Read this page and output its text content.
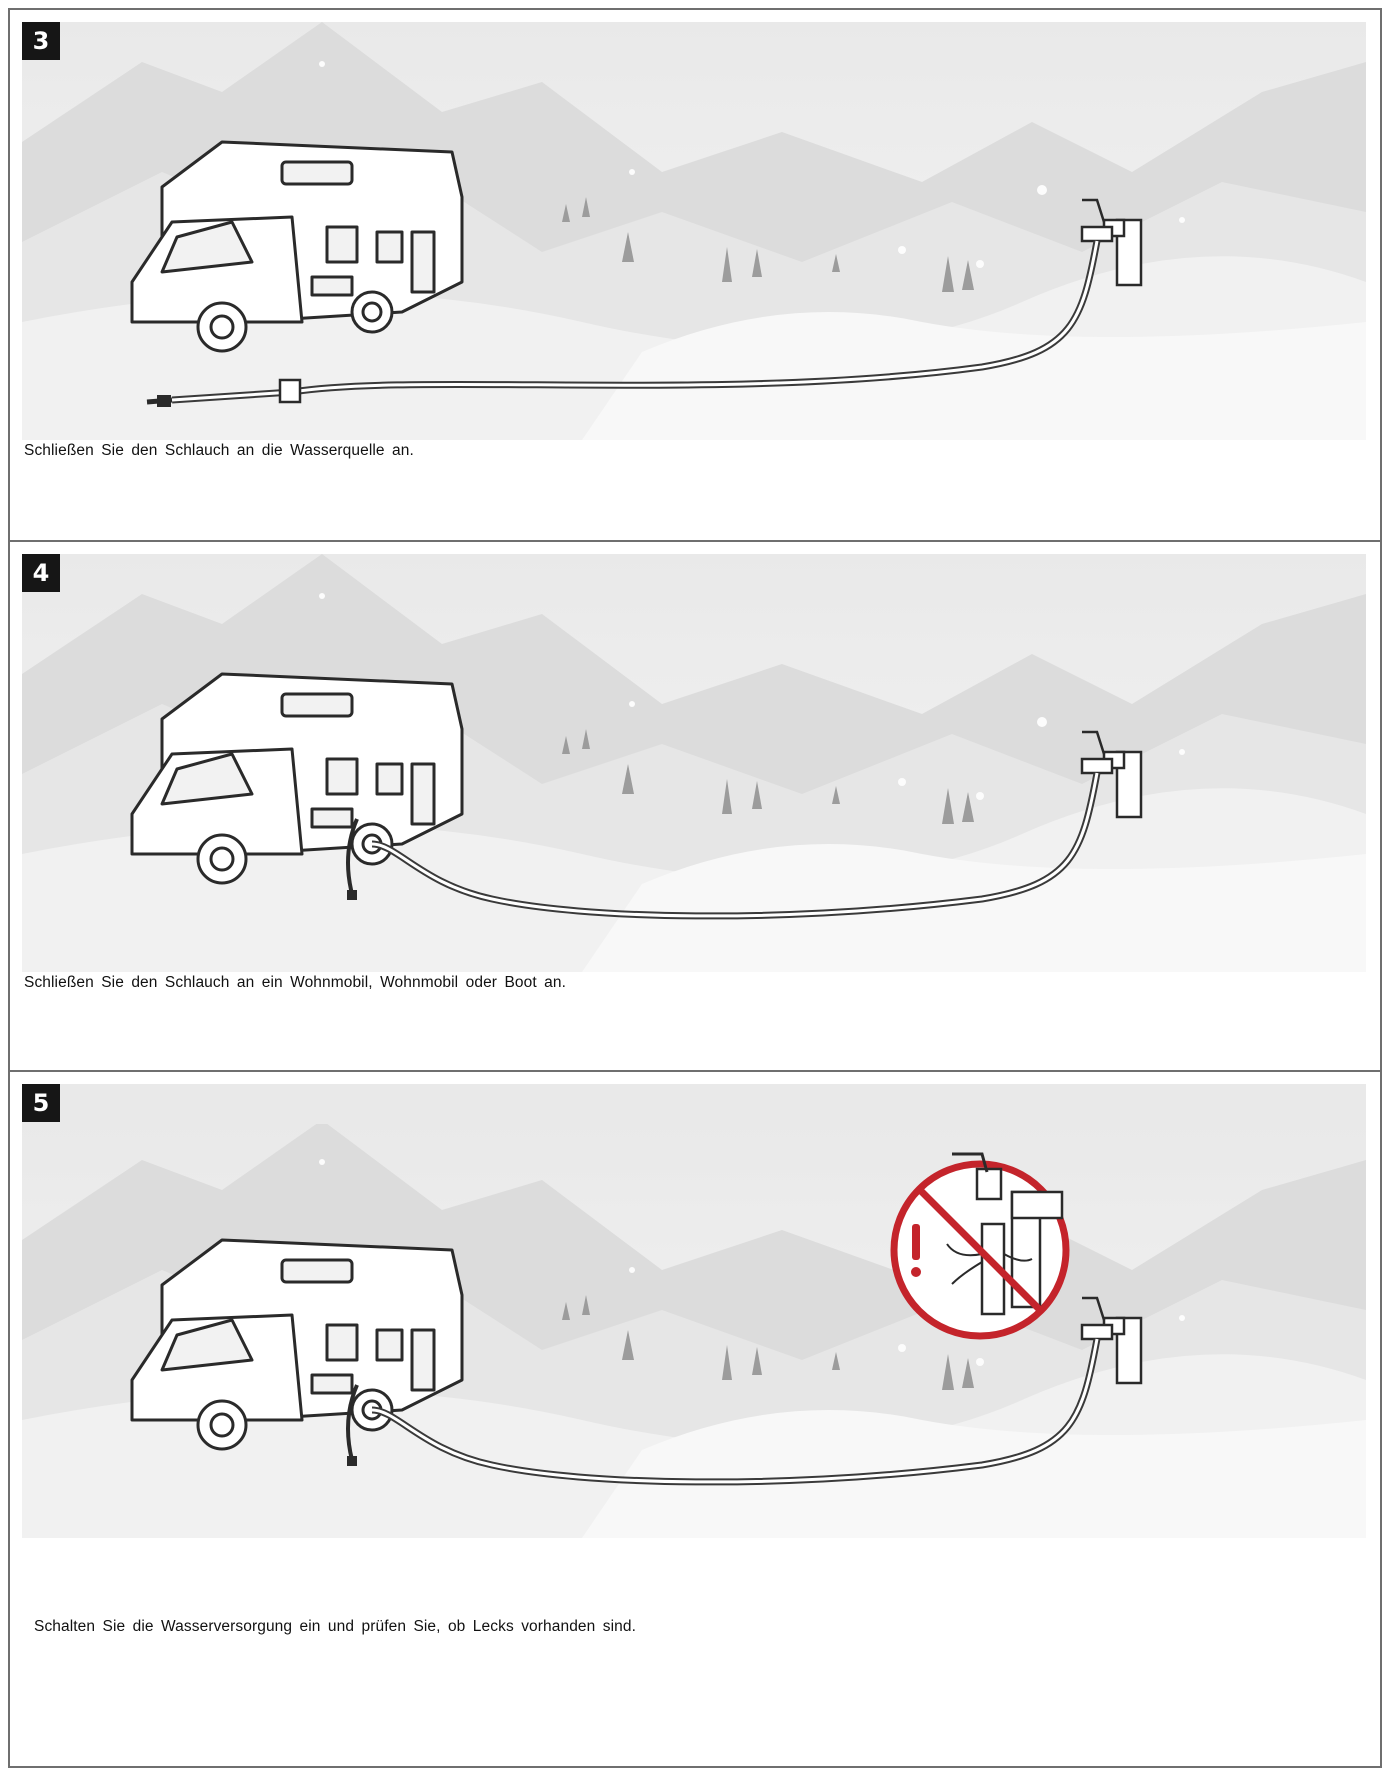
3
Schließen Sie den Schlauch an die Wasserquelle an.
4
Schließen Sie den Schlauch an ein Wohnmobil, Wohnmobil oder Boot an.
5
Schalten Sie die Wasserversorgung ein und prüfen Sie, ob Lecks vorhanden sind.
